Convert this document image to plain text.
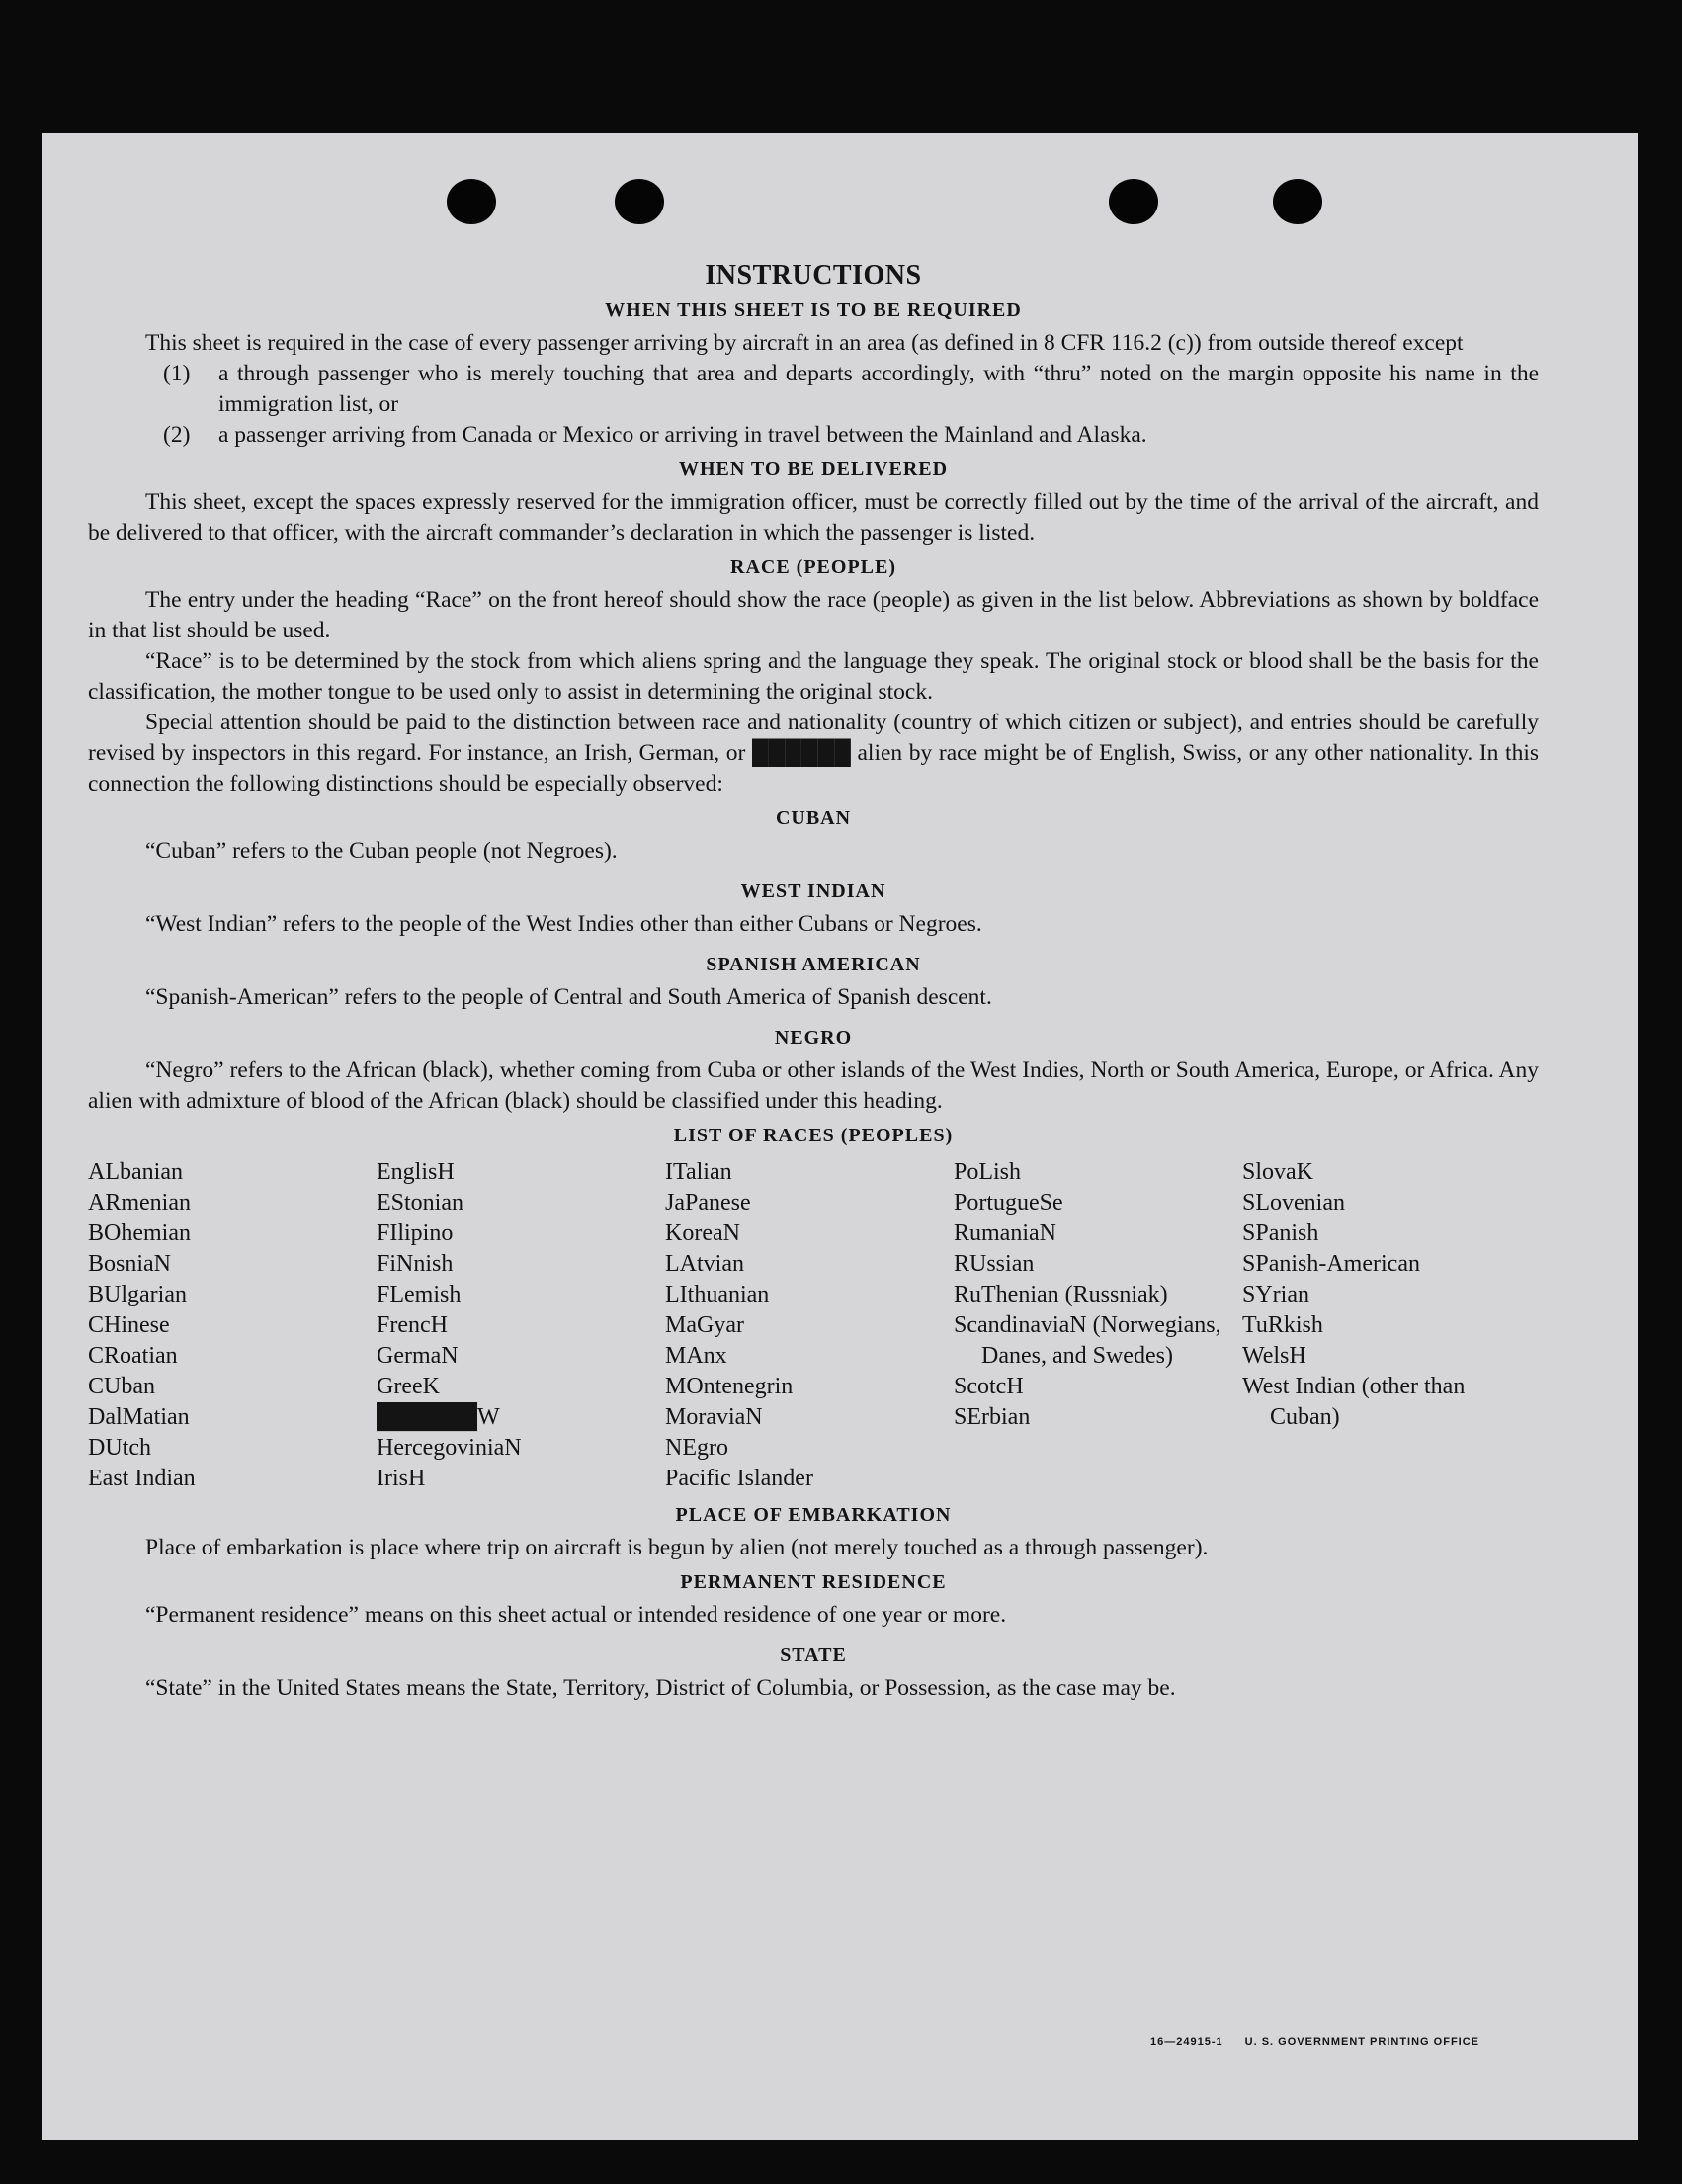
INSTRUCTIONS
WHEN THIS SHEET IS TO BE REQUIRED

This sheet is required in the case of every passenger arriving by aircraft in an area (as defined in 8 CFR 116.2 (c)) from outside thereof except

(1)	a through passenger who is merely touching that area and departs accordingly, with “thru” noted on the margin opposite his name in the immigration list, or
(2)	a passenger arriving from Canada or Mexico or arriving in travel between the Mainland and Alaska.
WHEN TO BE DELIVERED

This sheet, except the spaces expressly reserved for the immigration officer, must be correctly filled out by the time of the arrival of the aircraft, and be delivered to that officer, with the aircraft commander’s declaration in which the passenger is listed.

RACE (PEOPLE)

The entry under the heading “Race” on the front hereof should show the race (people) as given in the list below. Abbreviations as shown by boldface in that list should be used.

“Race” is to be determined by the stock from which aliens spring and the language they speak. The original stock or blood shall be the basis for the classification, the mother tongue to be used only to assist in determining the original stock.

Special attention should be paid to the distinction between race and nationality (country of which citizen or subject), and entries should be carefully revised by inspectors in this regard. For instance, an Irish, German, or ██████ alien by race might be of English, Swiss, or any other nationality. In this connection the following distinctions should be especially observed:

CUBAN

“Cuban” refers to the Cuban people (not Negroes).

WEST INDIAN

“West Indian” refers to the people of the West Indies other than either Cubans or Negroes.

SPANISH AMERICAN

“Spanish-American” refers to the people of Central and South America of Spanish descent.

NEGRO

“Negro” refers to the African (black), whether coming from Cuba or other islands of the West Indies, North or South America, Europe, or Africa. Any alien with admixture of blood of the African (black) should be classified under this heading.

LIST OF RACES (PEOPLES)
ALbanian
ARmenian
BOhemian
BosniaN
BUlgarian
CHinese
CRoatian
CUban
DalMatian
DUtch
East Indian
EnglisH
EStonian
FIlipino
FiNnish
FLemish
FrencH
GermaN
GreeK
██████W
HercegoviniaN
IrisH
ITalian
JaPanese
KoreaN
LAtvian
LIthuanian
MaGyar
MAnx
MOntenegrin
MoraviaN
NEgro
Pacific Islander
PoLish
PortugueSe
RumaniaN
RUssian
RuThenian (Russniak)
ScandinaviaN (Norwegians, Danes, and Swedes)
ScotcH
SErbian
SlovaK
SLovenian
SPanish
SPanish-American
SYrian
TuRkish
WelsH
West Indian (other than Cuban)
PLACE OF EMBARKATION

Place of embarkation is place where trip on aircraft is begun by alien (not merely touched as a through passenger).

PERMANENT RESIDENCE

“Permanent residence” means on this sheet actual or intended residence of one year or more.

STATE

“State” in the United States means the State, Territory, District of Columbia, or Possession, as the case may be.

16—24915-1 U. S. GOVERNMENT PRINTING OFFICE
